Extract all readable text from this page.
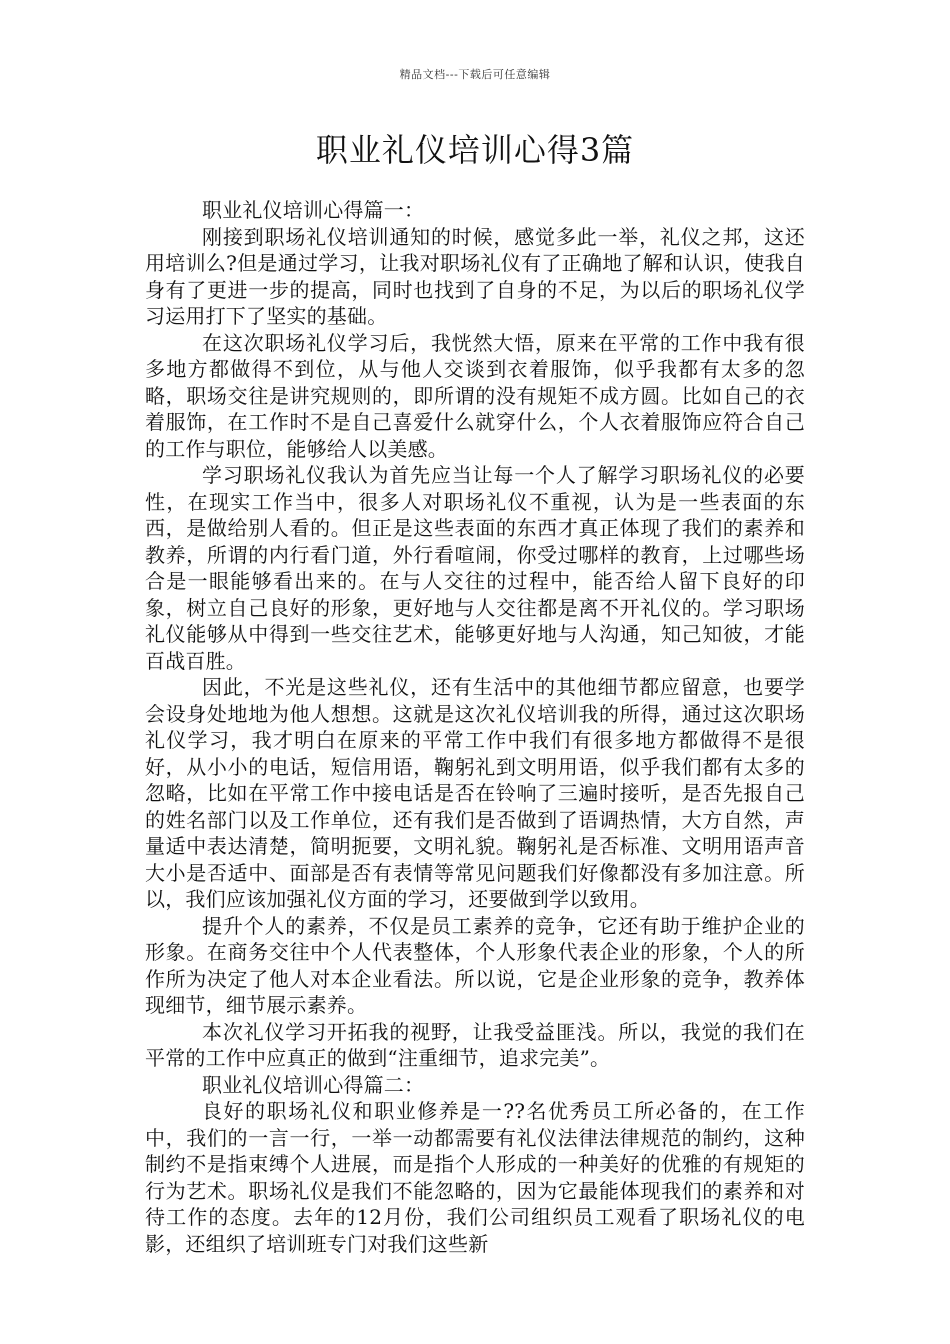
精品文档---下载后可任意编辑
职业礼仪培训心得3篇

职业礼仪培训心得篇一：

刚接到职场礼仪培训通知的时候，感觉多此一举，礼仪之邦，这还用培训么?但是通过学习，让我对职场礼仪有了正确地了解和认识，使我自身有了更进一步的提高，同时也找到了自身的不足，为以后的职场礼仪学习运用打下了坚实的基础。

在这次职场礼仪学习后，我恍然大悟，原来在平常的工作中我有很多地方都做得不到位，从与他人交谈到衣着服饰，似乎我都有太多的忽略，职场交往是讲究规则的，即所谓的没有规矩不成方圆。比如自己的衣着服饰，在工作时不是自己喜爱什么就穿什么，个人衣着服饰应符合自己的工作与职位，能够给人以美感。

学习职场礼仪我认为首先应当让每一个人了解学习职场礼仪的必要性，在现实工作当中，很多人对职场礼仪不重视，认为是一些表面的东西，是做给别人看的。但正是这些表面的东西才真正体现了我们的素养和教养，所谓的内行看门道，外行看喧闹，你受过哪样的教育，上过哪些场合是一眼能够看出来的。在与人交往的过程中，能否给人留下良好的印象，树立自己良好的形象，更好地与人交往都是离不开礼仪的。学习职场礼仪能够从中得到一些交往艺术，能够更好地与人沟通，知己知彼，才能百战百胜。

因此，不光是这些礼仪，还有生活中的其他细节都应留意，也要学会设身处地地为他人想想。这就是这次礼仪培训我的所得，通过这次职场礼仪学习，我才明白在原来的平常工作中我们有很多地方都做得不是很好，从小小的电话，短信用语，鞠躬礼到文明用语，似乎我们都有太多的忽略，比如在平常工作中接电话是否在铃响了三遍时接听，是否先报自己的姓名部门以及工作单位，还有我们是否做到了语调热情，大方自然，声量适中表达清楚，简明扼要，文明礼貌。鞠躬礼是否标准、文明用语声音大小是否适中、面部是否有表情等常见问题我们好像都没有多加注意。所以，我们应该加强礼仪方面的学习，还要做到学以致用。

提升个人的素养，不仅是员工素养的竞争，它还有助于维护企业的形象。在商务交往中个人代表整体，个人形象代表企业的形象，个人的所作所为决定了他人对本企业看法。所以说，它是企业形象的竞争，教养体现细节，细节展示素养。

本次礼仪学习开拓我的视野，让我受益匪浅。所以，我觉的我们在平常的工作中应真正的做到“注重细节，追求完美”。

职业礼仪培训心得篇二：

良好的职场礼仪和职业修养是一??名优秀员工所必备的，在工作中，我们的一言一行，一举一动都需要有礼仪法律法律规范的制约，这种制约不是指束缚个人进展，而是指个人形成的一种美好的优雅的有规矩的行为艺术。职场礼仪是我们不能忽略的，因为它最能体现我们的素养和对待工作的态度。去年的12月份，我们公司组织员工观看了职场礼仪的电影，还组织了培训班专门对我们这些新
